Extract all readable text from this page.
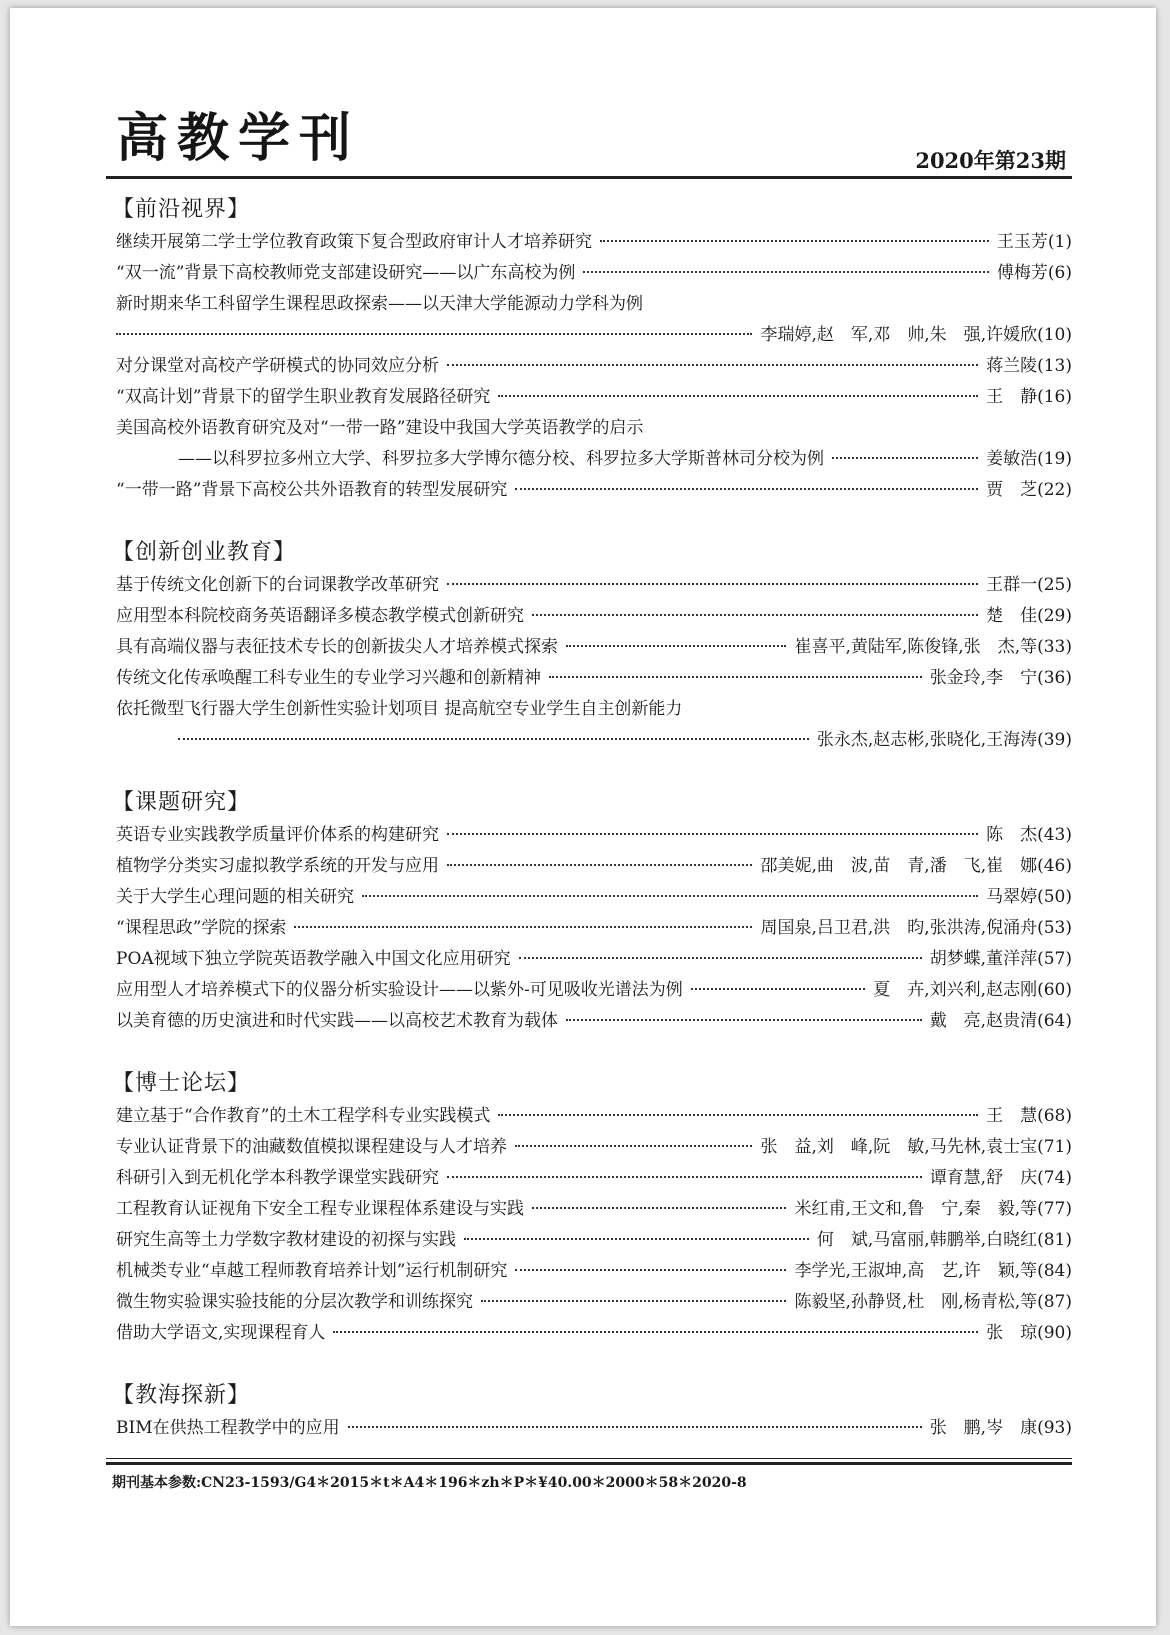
高教学刊	2020年第23期
【前沿视界】
继续开展第二学士学位教育政策下复合型政府审计人才培养研究	王玉芳(1)
“双一流”背景下高校教师党支部建设研究——以广东高校为例	傅梅芳(6)
新时期来华工科留学生课程思政探索——以天津大学能源动力学科为例
李瑞婷,赵　军,邓　帅,朱　强,许媛欣(10)
对分课堂对高校产学研模式的协同效应分析	蒋兰陵(13)
“双高计划”背景下的留学生职业教育发展路径研究	王　静(16)
美国高校外语教育研究及对“一带一路”建设中我国大学英语教学的启示
——以科罗拉多州立大学、科罗拉多大学博尔德分校、科罗拉多大学斯普林司分校为例	姜敏浩(19)
“一带一路”背景下高校公共外语教育的转型发展研究	贾　芝(22)
【创新创业教育】
基于传统文化创新下的台词课教学改革研究	王群一(25)
应用型本科院校商务英语翻译多模态教学模式创新研究	楚　佳(29)
具有高端仪器与表征技术专长的创新拔尖人才培养模式探索	崔喜平,黄陆军,陈俊锋,张　杰,等(33)
传统文化传承唤醒工科专业生的专业学习兴趣和创新精神	张金玲,李　宁(36)
依托微型飞行器大学生创新性实验计划项目 提高航空专业学生自主创新能力
张永杰,赵志彬,张晓化,王海涛(39)
【课题研究】
英语专业实践教学质量评价体系的构建研究	陈　杰(43)
植物学分类实习虚拟教学系统的开发与应用	邵美妮,曲　波,苗　青,潘　飞,崔　娜(46)
关于大学生心理问题的相关研究	马翠婷(50)
“课程思政”学院的探索	周国泉,吕卫君,洪　昀,张洪涛,倪涌舟(53)
POA视域下独立学院英语教学融入中国文化应用研究	胡梦蝶,董洋萍(57)
应用型人才培养模式下的仪器分析实验设计——以紫外-可见吸收光谱法为例	夏　卉,刘兴利,赵志刚(60)
以美育德的历史演进和时代实践——以高校艺术教育为载体	戴　亮,赵贵清(64)
【博士论坛】
建立基于“合作教育”的土木工程学科专业实践模式	王　慧(68)
专业认证背景下的油藏数值模拟课程建设与人才培养	张　益,刘　峰,阮　敏,马先林,袁士宝(71)
科研引入到无机化学本科教学课堂实践研究	谭育慧,舒　庆(74)
工程教育认证视角下安全工程专业课程体系建设与实践	米红甫,王文和,鲁　宁,秦　毅,等(77)
研究生高等土力学数字教材建设的初探与实践	何　斌,马富丽,韩鹏举,白晓红(81)
机械类专业“卓越工程师教育培养计划”运行机制研究	李学光,王淑坤,高　艺,许　颖,等(84)
微生物实验课实验技能的分层次教学和训练探究	陈毅坚,孙静贤,杜　刚,杨青松,等(87)
借助大学语文,实现课程育人	张　琼(90)
【教海探新】
BIM在供热工程教学中的应用	张　鹏,岑　康(93)
期刊基本参数:CN23-1593/G4＊2015＊t＊A4＊196＊zh＊P＊¥40.00＊2000＊58＊2020-8
